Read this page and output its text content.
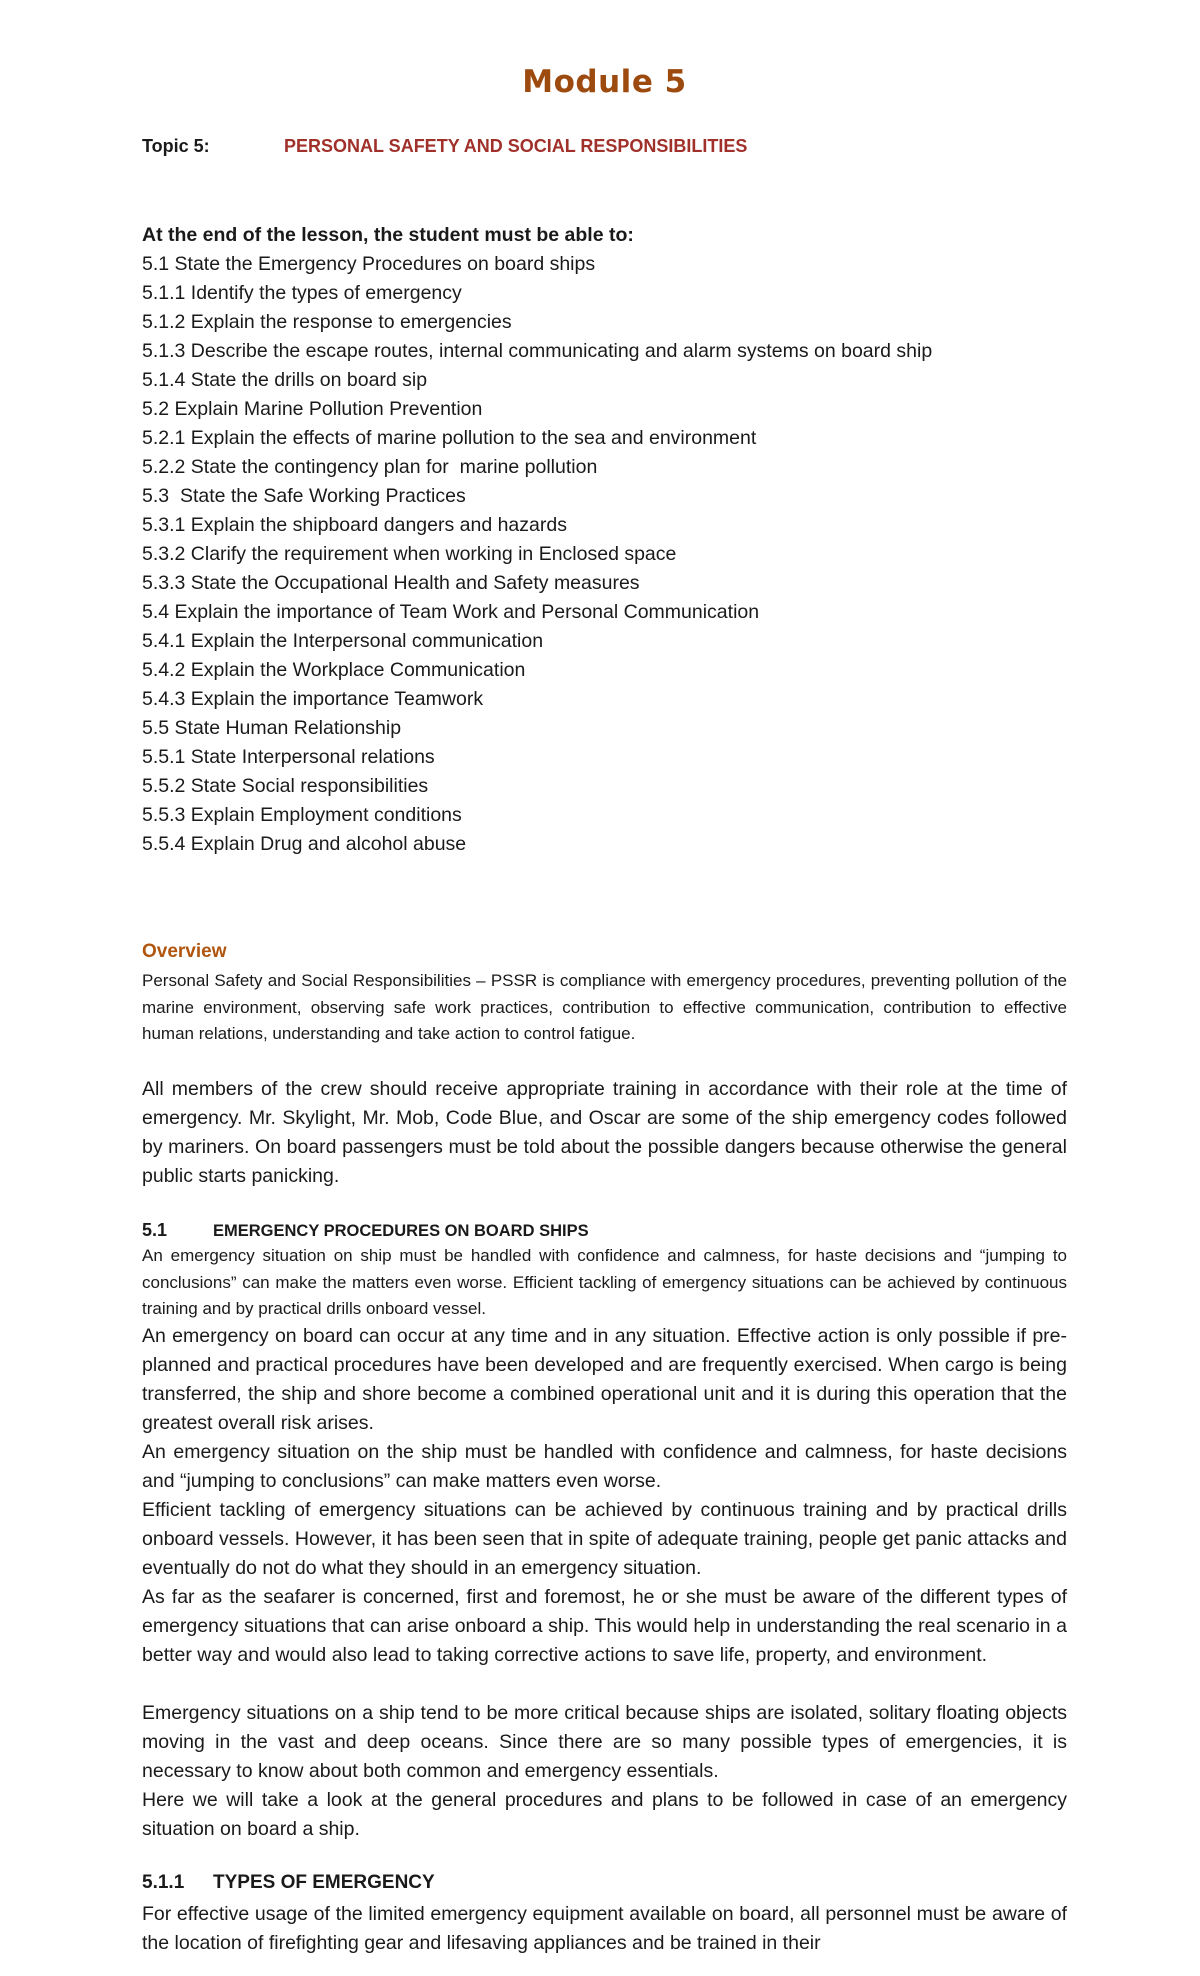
Module 5
Topic 5:	PERSONAL SAFETY AND SOCIAL RESPONSIBILITIES
At the end of the lesson, the student must be able to:
5.1 State the Emergency Procedures on board ships
5.1.1 Identify the types of emergency
5.1.2 Explain the response to emergencies
5.1.3 Describe the escape routes, internal communicating and alarm systems on board ship
5.1.4 State the drills on board sip
5.2 Explain Marine Pollution Prevention
5.2.1 Explain the effects of marine pollution to the sea and environment
5.2.2 State the contingency plan for  marine pollution
5.3  State the Safe Working Practices
5.3.1 Explain the shipboard dangers and hazards
5.3.2 Clarify the requirement when working in Enclosed space
5.3.3 State the Occupational Health and Safety measures
5.4 Explain the importance of Team Work and Personal Communication
5.4.1 Explain the Interpersonal communication
5.4.2 Explain the Workplace Communication
5.4.3 Explain the importance Teamwork
5.5 State Human Relationship
5.5.1 State Interpersonal relations
5.5.2 State Social responsibilities
5.5.3 Explain Employment conditions
5.5.4 Explain Drug and alcohol abuse
Overview
Personal Safety and Social Responsibilities – PSSR is compliance with emergency procedures, preventing pollution of the marine environment, observing safe work practices, contribution to effective communication, contribution to effective human relations, understanding and take action to control fatigue.
All members of the crew should receive appropriate training in accordance with their role at the time of emergency. Mr. Skylight, Mr. Mob, Code Blue, and Oscar are some of the ship emergency codes followed by mariners. On board passengers must be told about the possible dangers because otherwise the general public starts panicking.
5.1	EMERGENCY PROCEDURES ON BOARD SHIPS
An emergency situation on ship must be handled with confidence and calmness, for haste decisions and “jumping to conclusions” can make the matters even worse. Efficient tackling of emergency situations can be achieved by continuous training and by practical drills onboard vessel.
An emergency on board can occur at any time and in any situation. Effective action is only possible if pre-planned and practical procedures have been developed and are frequently exercised. When cargo is being transferred, the ship and shore become a combined operational unit and it is during this operation that the greatest overall risk arises.
An emergency situation on the ship must be handled with confidence and calmness, for haste decisions and “jumping to conclusions” can make matters even worse.
Efficient tackling of emergency situations can be achieved by continuous training and by practical drills onboard vessels. However, it has been seen that in spite of adequate training, people get panic attacks and eventually do not do what they should in an emergency situation.
As far as the seafarer is concerned, first and foremost, he or she must be aware of the different types of emergency situations that can arise onboard a ship. This would help in understanding the real scenario in a better way and would also lead to taking corrective actions to save life, property, and environment.
Emergency situations on a ship tend to be more critical because ships are isolated, solitary floating objects moving in the vast and deep oceans. Since there are so many possible types of emergencies, it is necessary to know about both common and emergency essentials.
Here we will take a look at the general procedures and plans to be followed in case of an emergency situation on board a ship.
5.1.1 TYPES OF EMERGENCY
For effective usage of the limited emergency equipment available on board, all personnel must be aware of the location of firefighting gear and lifesaving appliances and be trained in their
